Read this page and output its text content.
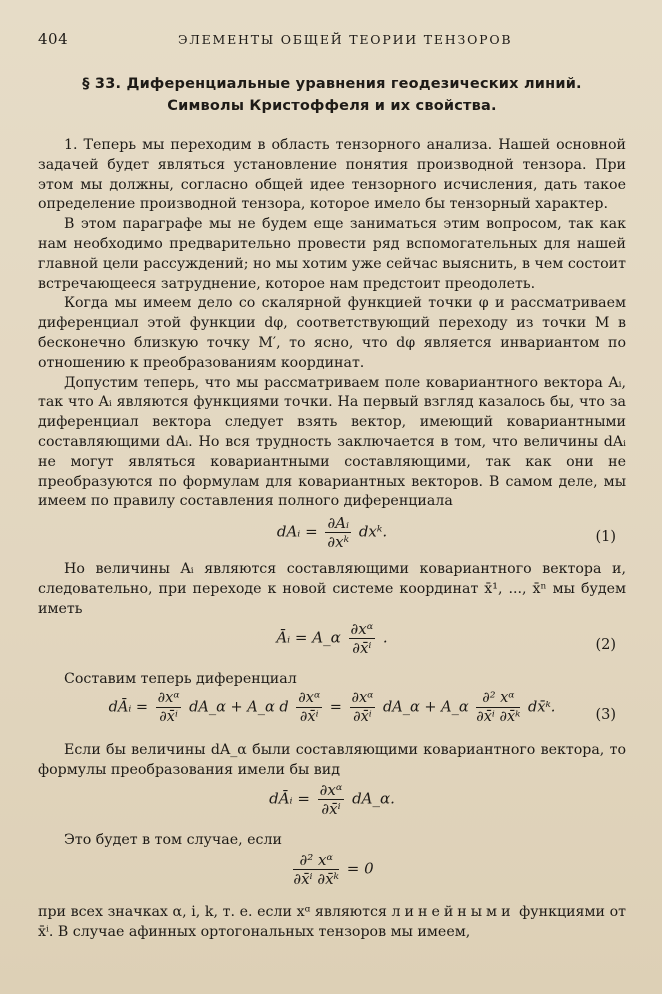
404	ЭЛЕМЕНТЫ ОБЩЕЙ ТЕОРИИ ТЕНЗОРОВ
§ 33. Диференциальные уравнения геодезических линий.
Символы Кристоффеля и их свойства.

1. Теперь мы переходим в область тензорного анализа. Нашей основной задачей будет являться установление понятия производной тензора. При этом мы должны, согласно общей идее тензорного исчисления, дать такое определение производной тензора, которое имело бы тензорный характер.

В этом параграфе мы не будем еще заниматься этим вопросом, так как нам необходимо предварительно провести ряд вспомогательных для нашей главной цели рассуждений; но мы хотим уже сейчас выяснить, в чем состоит встречающееся затруднение, которое нам предстоит преодолеть.

Когда мы имеем дело со скалярной функцией точки φ и рассматриваем диференциал этой функции dφ, соответствующий переходу из точки M в бесконечно близкую точку M′, то ясно, что dφ является инвариантом по отношению к преобразованиям координат.

Допустим теперь, что мы рассматриваем поле ковариантного вектора Aᵢ, так что Aᵢ являются функциями точки. На первый взгляд казалось бы, что за диференциал вектора следует взять вектор, имеющий ковариантными составляющими dAᵢ. Но вся трудность заключается в том, что величины dAᵢ не могут являться ковариантными составляющими, так как они не преобразуются по формулам для ковариантных векторов. В самом деле, мы имеем по правилу составления полного диференциала

dAᵢ = $\frac{\text{∂Aᵢ}}{\text{∂xᵏ}}$ dxᵏ.	(1)

Но величины Aᵢ являются составляющими ковариантного вектора и, следовательно, при переходе к новой системе координат x̄¹, ..., x̄ⁿ мы будем иметь

Āᵢ = A_α $\frac{\text{∂xᵅ}}{\text{∂x̄ⁱ}}$ .	(2)

Составим теперь диференциал

dĀᵢ = $\frac{\text{∂xᵅ}}{\text{∂x̄ⁱ}}$ dA_α + A_α d $\frac{\text{∂xᵅ}}{\text{∂x̄ⁱ}} = \frac{\text{∂xᵅ}}{\text{∂x̄ⁱ}}$ dA_α + A_α $\frac{\text{∂² xᵅ}}{\text{∂x̄ⁱ ∂x̄ᵏ}}$ dx̄ᵏ.	(3)

Если бы величины dA_α были составляющими ковариантного вектора, то формулы преобразования имели бы вид

dĀᵢ = $\frac{\text{∂xᵅ}}{\text{∂x̄ⁱ}}$ dA_α.

Это будет в том случае, если

$\frac{\text{∂² xᵅ}}{\text{∂x̄ⁱ ∂x̄ᵏ}} = 0$

при всех значках α, i, k, т. е. если xᵅ являются линейными функциями от x̄ⁱ. В случае афинных ортогональных тензоров мы имеем,
